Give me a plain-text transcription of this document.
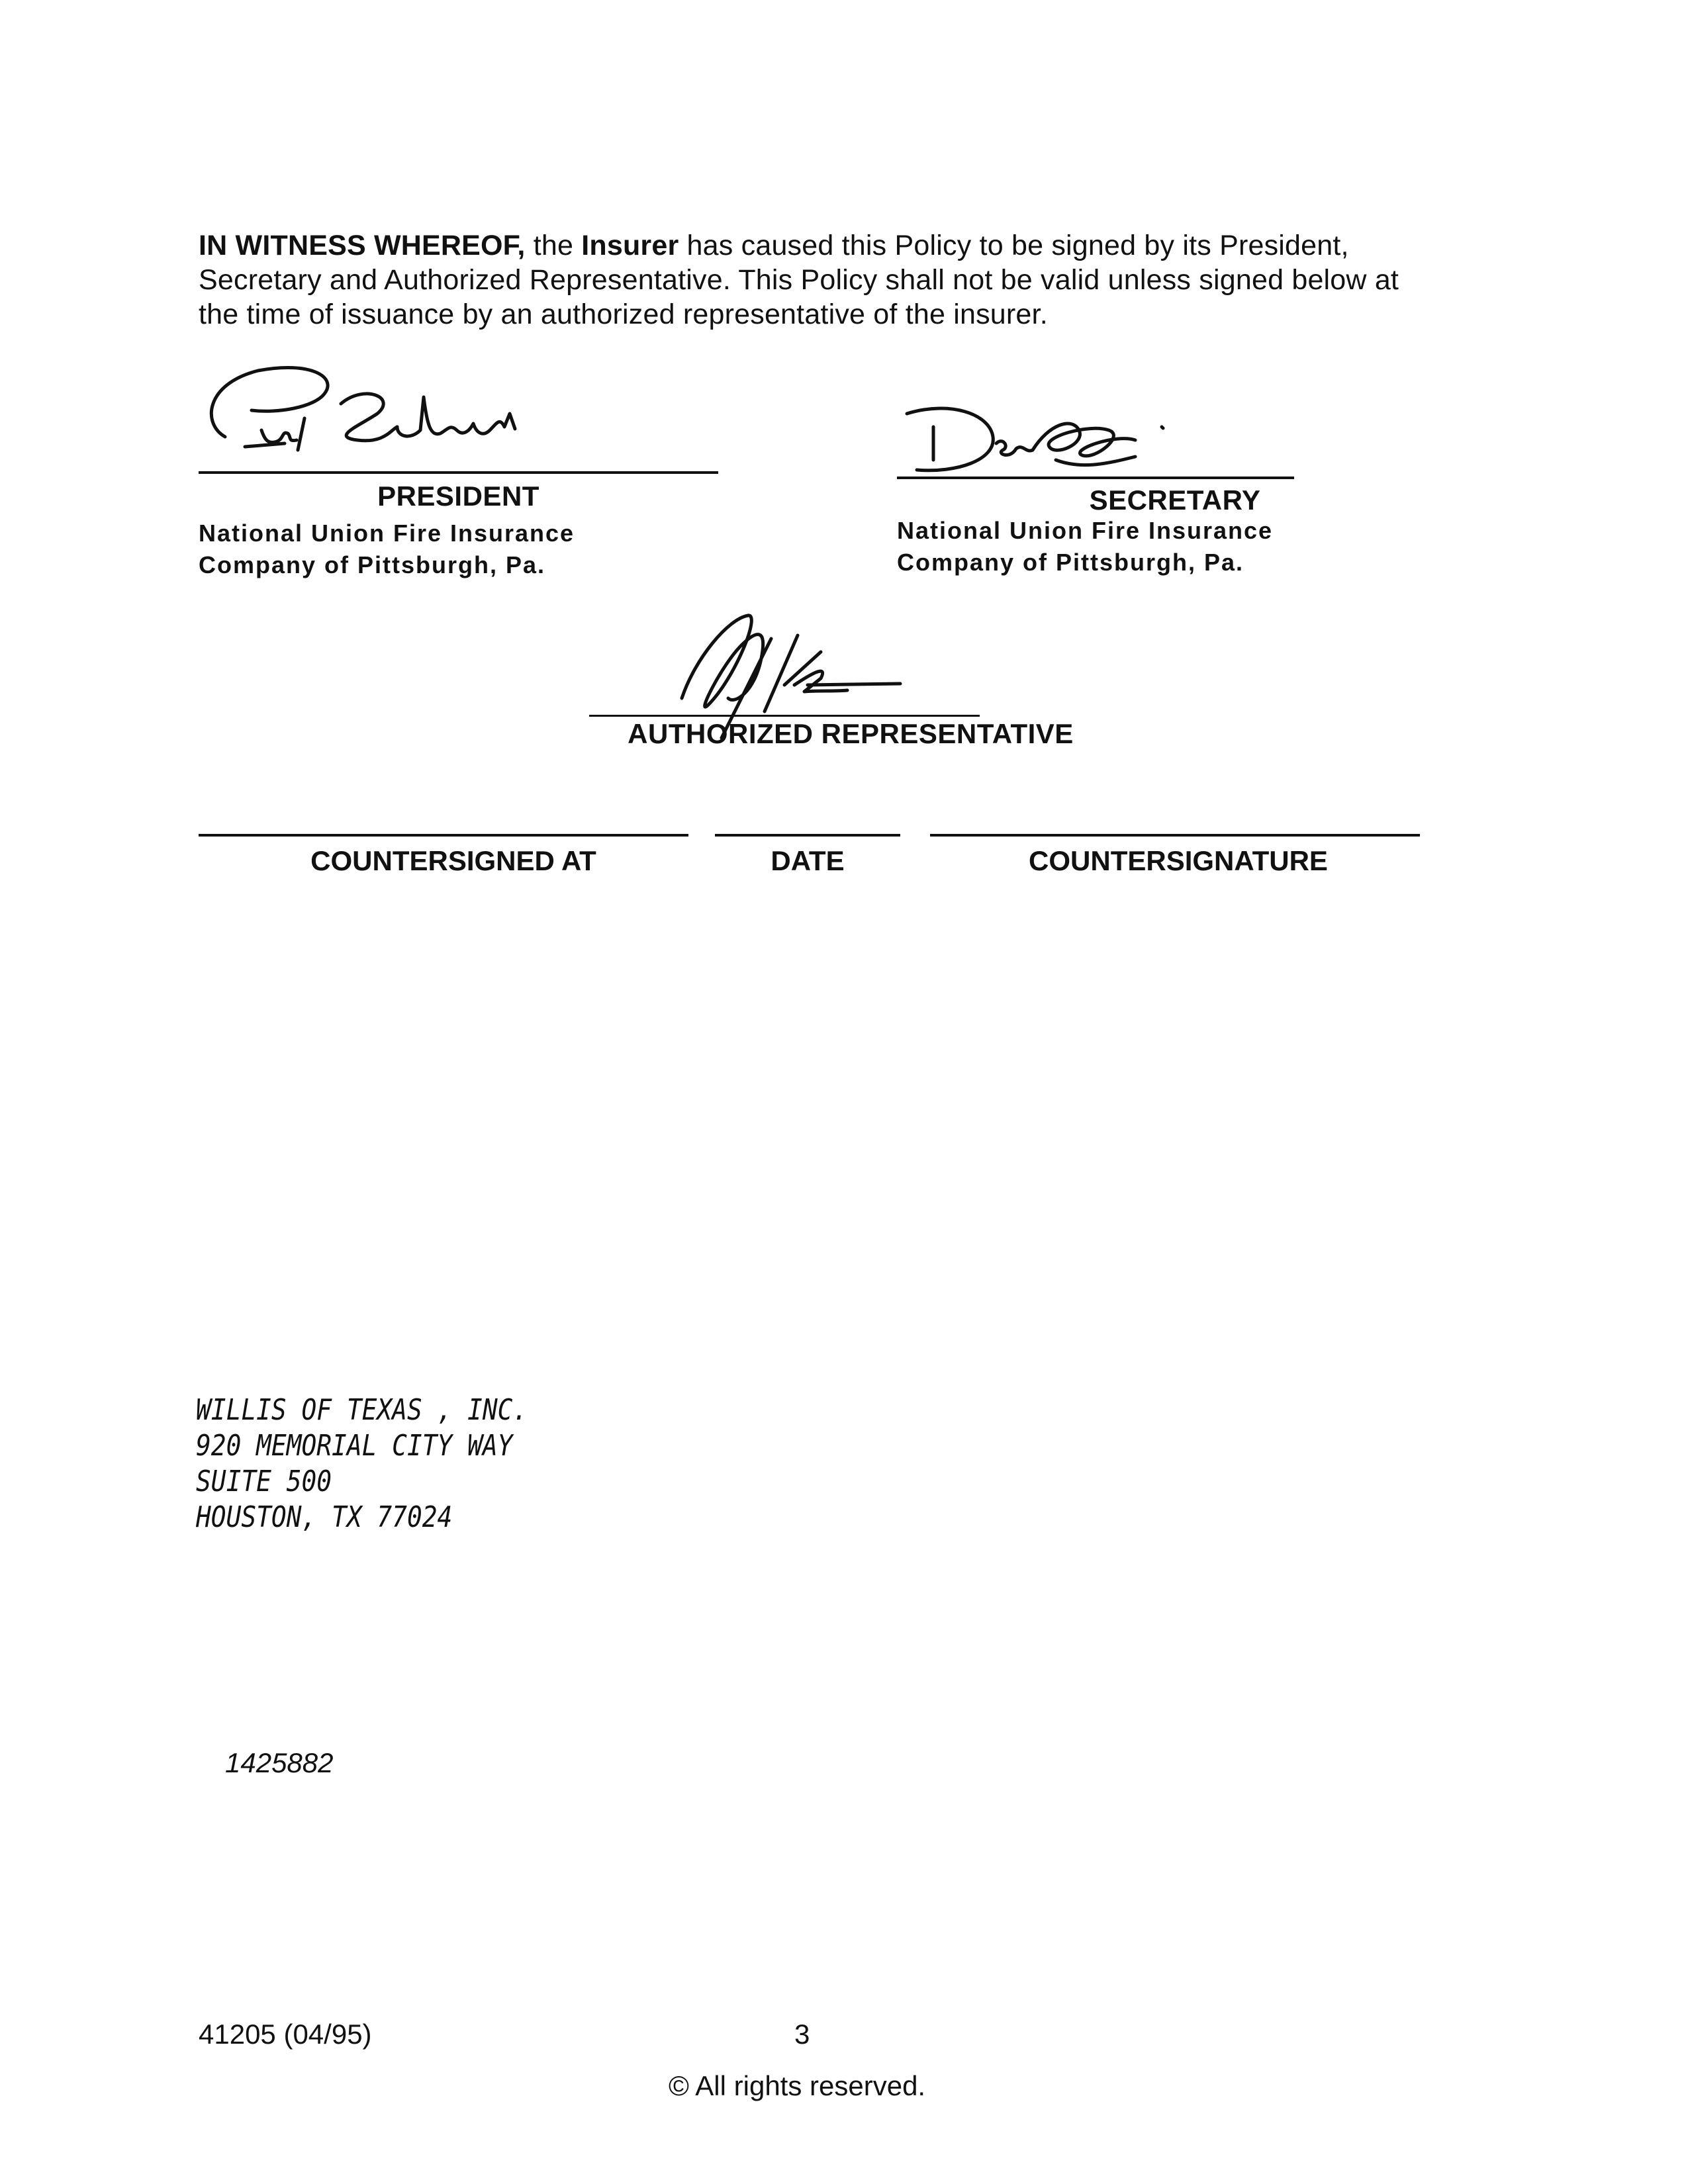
IN WITNESS WHEREOF, the Insurer has caused this Policy to be signed by its President, Secretary and Authorized Representative. This Policy shall not be valid unless signed below at the time of issuance by an authorized representative of the insurer.
PRESIDENT
National Union Fire Insurance
Company of Pittsburgh, Pa.
SECRETARY
National Union Fire Insurance
Company of Pittsburgh, Pa.
AUTHORIZED REPRESENTATIVE
COUNTERSIGNED AT	DATE	COUNTERSIGNATURE
WILLIS OF TEXAS , INC.
920 MEMORIAL CITY WAY
SUITE 500
HOUSTON, TX 77024
1425882
41205 (04/95)	3
© All rights reserved.
